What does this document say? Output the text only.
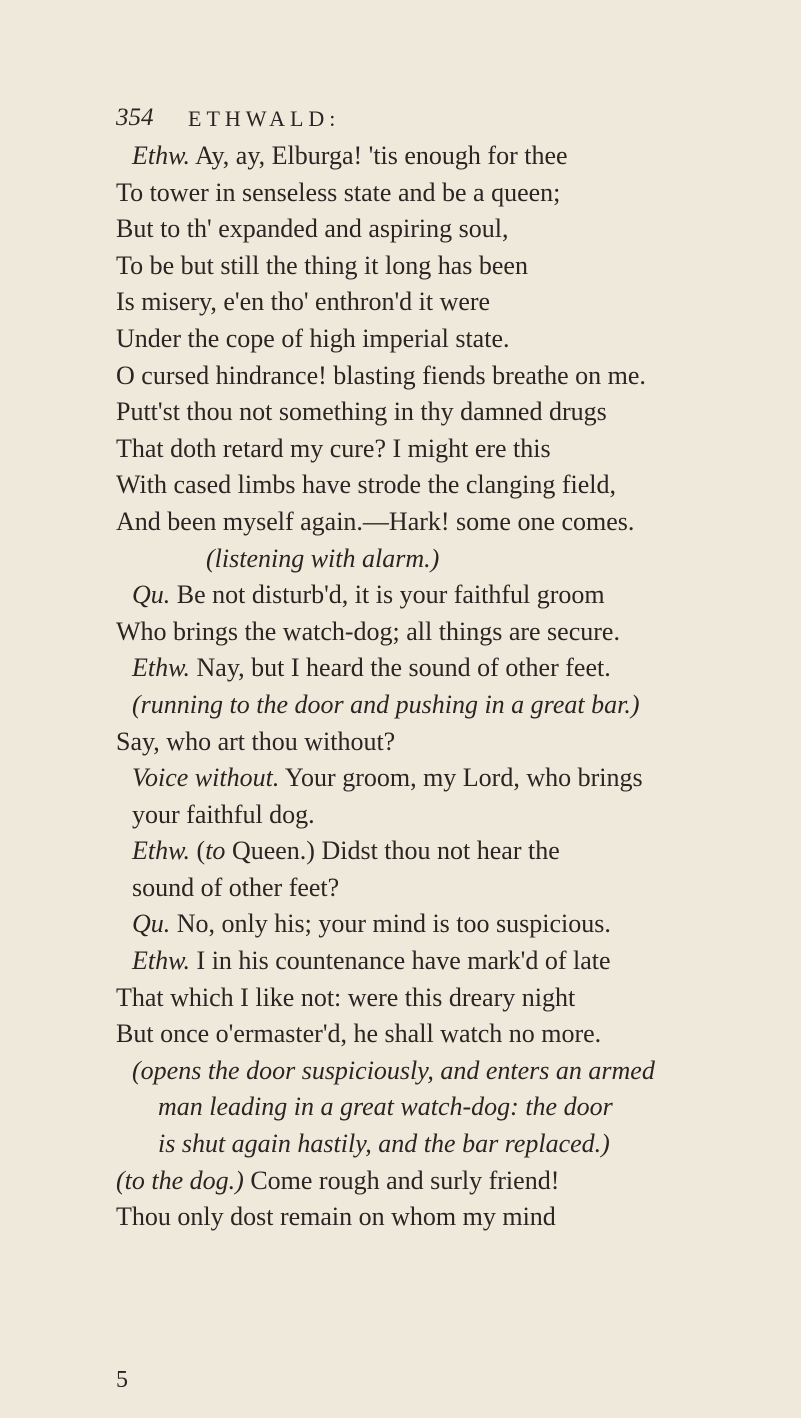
354 ETHWALD:
Ethw. Ay, ay, Elburga! 'tis enough for thee
To tower in senseless state and be a queen;
But to th' expanded and aspiring soul,
To be but still the thing it long has been
Is misery, e'en tho' enthron'd it were
Under the cope of high imperial state.
O cursed hindrance! blasting fiends breathe on me.
Putt'st thou not something in thy damned drugs
That doth retard my cure? I might ere this
With cased limbs have strode the clanging field,
And been myself again.—Hark! some one comes.
(listening with alarm.)
Qu. Be not disturb'd, it is your faithful groom
Who brings the watch-dog; all things are secure.
Ethw. Nay, but I heard the sound of other feet.
(running to the door and pushing in a great bar.)
Say, who art thou without?
Voice without. Your groom, my Lord, who brings
your faithful dog.
Ethw. (to Queen.) Didst thou not hear the
sound of other feet?
Qu. No, only his; your mind is too suspicious.
Ethw. I in his countenance have mark'd of late
That which I like not: were this dreary night
But once o'ermaster'd, he shall watch no more.
(opens the door suspiciously, and enters an armed
man leading in a great watch-dog: the door
is shut again hastily, and the bar replaced.)
(to the dog.) Come rough and surly friend!
Thou only dost remain on whom my mind
5
